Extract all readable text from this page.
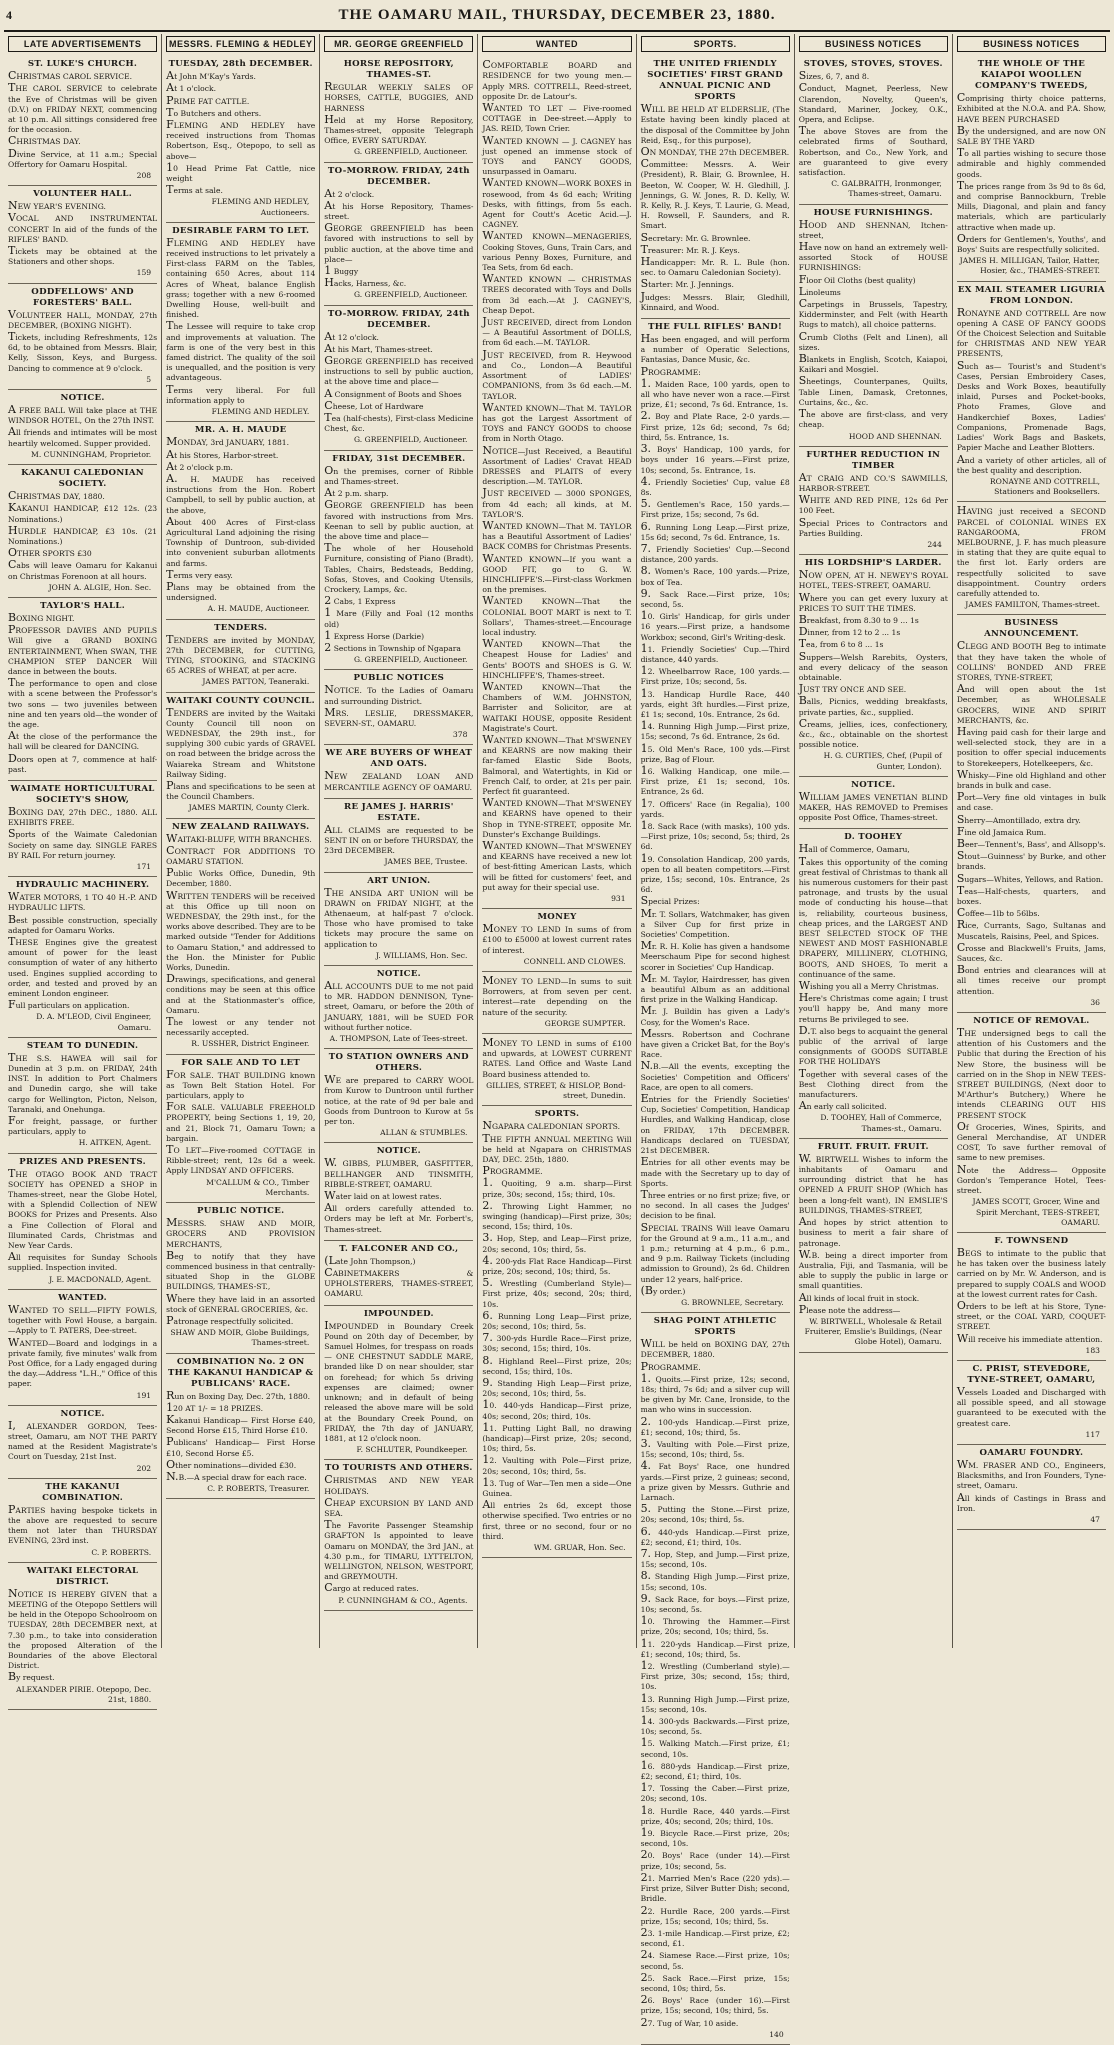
4	THE OAMARU MAIL, THURSDAY, DECEMBER 23, 1880.
LATE ADVERTISEMENTS
ST. LUKE'S CHURCH.

CHRISTMAS CAROL SERVICE.

THE CAROL SERVICE to celebrate the Eve of Christmas will be given (D.V.) on FRIDAY NEXT, commencing at 10 p.m. All sittings considered free for the occasion.

CHRISTMAS DAY.

Divine Service, at 11 a.m.; Special Offertory for Oamaru Hospital.

208
VOLUNTEER HALL.

NEW YEAR'S EVENING.

VOCAL AND INSTRUMENTAL CONCERT In aid of the funds of the RIFLES' BAND.

Tickets may be obtained at the Stationers and other shops.

159
ODDFELLOWS' AND FORESTERS' BALL.

VOLUNTEER HALL, MONDAY, 27th DECEMBER, (BOXING NIGHT).

Tickets, including Refreshments, 12s 6d, to be obtained from Messrs. Blair, Kelly, Sisson, Keys, and Burgess. Dancing to commence at 9 o'clock.

5
NOTICE.

A FREE BALL Will take place at THE WINDSOR HOTEL, On the 27th INST.

All friends and intimates will be most heartily welcomed. Supper provided.

M. CUNNINGHAM, Proprietor.
KAKANUI CALEDONIAN SOCIETY.

CHRISTMAS DAY, 1880.

KAKANUI HANDICAP, £12 12s. (23 Nominations.)

HURDLE HANDICAP, £3 10s. (21 Nominations.)

OTHER SPORTS £30

Cabs will leave Oamaru for Kakanui on Christmas Forenoon at all hours.

JOHN A. ALGIE, Hon. Sec.
TAYLOR'S HALL.

BOXING NIGHT.

PROFESSOR DAVIES AND PUPILS Will give a GRAND BOXING ENTERTAINMENT, When SWAN, THE CHAMPION STEP DANCER Will dance in between the bouts.

The performance to open and close with a scene between the Professor's two sons — two juveniles between nine and ten years old—the wonder of the age.

At the close of the performance the hall will be cleared for DANCING.

Doors open at 7, commence at half-past.

WAIMATE HORTICULTURAL SOCIETY'S SHOW,

BOXING DAY, 27th DEC., 1880. ALL EXHIBITS FREE.

Sports of the Waimate Caledonian Society on same day. SINGLE FARES BY RAIL For return journey.

171
HYDRAULIC MACHINERY.

WATER MOTORS, 1 TO 40 H.-P. AND HYDRAULIC LIFTS.

Best possible construction, specially adapted for Oamaru Works.

THESE Engines give the greatest amount of power for the least consumption of water of any hitherto used. Engines supplied according to order, and tested and proved by an eminent London engineer.

Full particulars on application.

D. A. M'LEOD, Civil Engineer, Oamaru.
STEAM TO DUNEDIN.

THE S.S. HAWEA will sail for Dunedin at 3 p.m. on FRIDAY, 24th INST. In addition to Port Chalmers and Dunedin cargo, she will take cargo for Wellington, Picton, Nelson, Taranaki, and Onehunga.

For freight, passage, or further particulars, apply to

H. AITKEN, Agent.
PRIZES AND PRESENTS.

THE OTAGO BOOK AND TRACT SOCIETY has OPENED a SHOP in Thames-street, near the Globe Hotel, with a Splendid Collection of NEW BOOKS for Prizes and Presents. Also a Fine Collection of Floral and Illuminated Cards, Christmas and New Year Cards.

All requisites for Sunday Schools supplied. Inspection invited.

J. E. MACDONALD, Agent.
WANTED.

WANTED TO SELL—FIFTY FOWLS, together with Fowl House, a bargain.—Apply to T. PATERS, Dee-street.

WANTED—Board and lodgings in a private family, five minutes' walk from Post Office, for a Lady engaged during the day.—Address "L.H.," Office of this paper.

191
NOTICE.

I, ALEXANDER GORDON, Tees-street, Oamaru, am NOT THE PARTY named at the Resident Magistrate's Court on Tuesday, 21st Inst.

202
THE KAKANUI COMBINATION.

PARTIES having bespoke tickets in the above are requested to secure them not later than THURSDAY EVENING, 23rd inst.

C. P. ROBERTS.
WAITAKI ELECTORAL DISTRICT.

NOTICE IS HEREBY GIVEN that a MEETING of the Otepopo Settlers will be held in the Otepopo Schoolroom on TUESDAY, 28th DECEMBER next, at 7.30 p.m., to take into consideration the proposed Alteration of the Boundaries of the above Electoral District.

By request.

ALEXANDER PIRIE. Otepopo, Dec. 21st, 1880.
MESSRS. FLEMING & HEDLEY
TUESDAY, 28th DECEMBER.

At John M'Kay's Yards.

At 1 o'clock.

PRIME FAT CATTLE.

To Butchers and others.

FLEMING AND HEDLEY have received instructions from Thomas Robertson, Esq., Otepopo, to sell as above—

10 Head Prime Fat Cattle, nice weight

Terms at sale.

FLEMING AND HEDLEY, Auctioneers.
DESIRABLE FARM TO LET.

FLEMING AND HEDLEY have received instructions to let privately a First-class FARM on the Tables, containing 650 Acres, about 114 Acres of Wheat, balance English grass; together with a new 6-roomed Dwelling House, well-built and finished.

The Lessee will require to take crop and improvements at valuation. The farm is one of the very best in this famed district. The quality of the soil is unequalled, and the position is very advantageous.

Terms very liberal. For full information apply to

FLEMING AND HEDLEY.
MR. A. H. MAUDE

MONDAY, 3rd JANUARY, 1881.

At his Stores, Harbor-street.

At 2 o'clock p.m.

A. H. MAUDE has received instructions from the Hon. Robert Campbell, to sell by public auction, at the above,

About 400 Acres of First-class Agricultural Land adjoining the rising Township of Duntroon, sub-divided into convenient suburban allotments and farms.

Terms very easy.

Plans may be obtained from the undersigned.

A. H. MAUDE, Auctioneer.
TENDERS.

TENDERS are invited by MONDAY, 27th DECEMBER, for CUTTING, TYING, STOOKING, and STACKING 65 ACRES of WHEAT, at per acre.

JAMES PATTON, Teaneraki.
WAITAKI COUNTY COUNCIL.

TENDERS are invited by the Waitaki County Council till noon on WEDNESDAY, the 29th inst., for supplying 300 cubic yards of GRAVEL on road between the bridge across the Waiareka Stream and Whitstone Railway Siding.

Plans and specifications to be seen at the Council Chambers.

JAMES MARTIN, County Clerk.
NEW ZEALAND RAILWAYS.

WAITAKI-BLUFF, WITH BRANCHES.

CONTRACT FOR ADDITIONS TO OAMARU STATION.

Public Works Office, Dunedin, 9th December, 1880.

WRITTEN TENDERS will be received at this Office up till noon on WEDNESDAY, the 29th inst., for the works above described. They are to be marked outside "Tender for Additions to Oamaru Station," and addressed to the Hon. the Minister for Public Works, Dunedin.

Drawings, specifications, and general conditions may be seen at this office and at the Stationmaster's office, Oamaru.

The lowest or any tender not necessarily accepted.

R. USSHER, District Engineer.
FOR SALE AND TO LET

FOR SALE. THAT BUILDING known as Town Belt Station Hotel. For particulars, apply to

FOR SALE. VALUABLE FREEHOLD PROPERTY, being Sections 1, 19, 20, and 21, Block 71, Oamaru Town; a bargain.

TO LET—Five-roomed COTTAGE in Ribble-street; rent, 12s 6d a week. Apply LINDSAY AND OFFICERS.

M'CALLUM & CO., Timber Merchants.
PUBLIC NOTICE.

MESSRS. SHAW AND MOIR, GROCERS AND PROVISION MERCHANTS,

Beg to notify that they have commenced business in that centrally-situated Shop in the GLOBE BUILDINGS, THAMES-ST.,

Where they have laid in an assorted stock of GENERAL GROCERIES, &c.

Patronage respectfully solicited.

SHAW AND MOIR, Globe Buildings, Thames-street.
COMBINATION No. 2 ON THE KAKANUI HANDICAP & PUBLICANS' RACE.

Run on Boxing Day, Dec. 27th, 1880.

120 AT 1/- = 18 PRIZES.

Kakanui Handicap— First Horse £40, Second Horse £15, Third Horse £10.

Publicans' Handicap— First Horse £10, Second Horse £5.

Other nominations—divided £30.

N.B.—A special draw for each race.

C. P. ROBERTS, Treasurer.
MR. GEORGE GREENFIELD
HORSE REPOSITORY, THAMES-ST.

REGULAR WEEKLY SALES OF HORSES, CATTLE, BUGGIES, AND HARNESS

Held at my Horse Repository, Thames-street, opposite Telegraph Office, EVERY SATURDAY.

G. GREENFIELD, Auctioneer.
TO-MORROW. FRIDAY, 24th DECEMBER.

At 2 o'clock.

At his Horse Repository, Thames-street.

GEORGE GREENFIELD has been favored with instructions to sell by public auction, at the above time and place—

1 Buggy

Hacks, Harness, &c.

G. GREENFIELD, Auctioneer.
TO-MORROW. FRIDAY, 24th DECEMBER.

At 12 o'clock.

At his Mart, Thames-street.

GEORGE GREENFIELD has received instructions to sell by public auction, at the above time and place—

A Consignment of Boots and Shoes

Cheese, Lot of Hardware

Tea (half-chests), First-class Medicine Chest, &c.

G. GREENFIELD, Auctioneer.
FRIDAY, 31st DECEMBER.

On the premises, corner of Ribble and Thames-street.

At 2 p.m. sharp.

GEORGE GREENFIELD has been favored with instructions from Mrs. Keenan to sell by public auction, at the above time and place—

The whole of her Household Furniture, consisting of Piano (Bradt), Tables, Chairs, Bedsteads, Bedding, Sofas, Stoves, and Cooking Utensils, Crockery, Lamps, &c.

2 Cabs, 1 Express

1 Mare (Filly and Foal (12 months old)

1 Express Horse (Darkie)

2 Sections in Township of Ngapara

G. GREENFIELD, Auctioneer.
PUBLIC NOTICES

NOTICE. To the Ladies of Oamaru and surrounding District.

MRS. LESLIE, DRESSMAKER, SEVERN-ST., OAMARU.

378
WE ARE BUYERS OF WHEAT AND OATS.

NEW ZEALAND LOAN AND MERCANTILE AGENCY OF OAMARU.

RE JAMES J. HARRIS' ESTATE.

ALL CLAIMS are requested to be SENT IN on or before THURSDAY, the 23rd DECEMBER.

JAMES BEE, Trustee.
ART UNION.

THE ANSIDA ART UNION will be DRAWN on FRIDAY NIGHT, at the Athenaeum, at half-past 7 o'clock. Those who have promised to take tickets may procure the same on application to

J. WILLIAMS, Hon. Sec.
NOTICE.

ALL ACCOUNTS DUE to me not paid to MR. HADDON DENNISON, Tyne-street, Oamaru, or before the 20th of JANUARY, 1881, will be SUED FOR without further notice.

A. THOMPSON, Late of Tees-street.
TO STATION OWNERS AND OTHERS.

WE are prepared to CARRY WOOL from Kurow to Duntroon until further notice, at the rate of 9d per bale and Goods from Duntroon to Kurow at 5s per ton.

ALLAN & STUMBLES.
NOTICE.

W. GIBBS, PLUMBER, GASFITTER, BELLHANGER AND TINSMITH, RIBBLE-STREET, OAMARU.

Water laid on at lowest rates.

All orders carefully attended to. Orders may be left at Mr. Forbert's, Thames-street.

T. FALCONER AND CO.,

(Late John Thompson,)

CABINETMAKERS & UPHOLSTERERS, THAMES-STREET, OAMARU.

IMPOUNDED.

IMPOUNDED in Boundary Creek Pound on 20th day of December, by Samuel Holmes, for trespass on roads — ONE CHESTNUT SADDLE MARE, branded like D on near shoulder, star on forehead; for which 5s driving expenses are claimed; owner unknown; and in default of being released the above mare will be sold at the Boundary Creek Pound, on FRIDAY, the 7th day of JANUARY, 1881, at 12 o'clock noon.

F. SCHLUTER, Poundkeeper.
TO TOURISTS AND OTHERS.

CHRISTMAS AND NEW YEAR HOLIDAYS.

CHEAP EXCURSION BY LAND AND SEA.

The Favorite Passenger Steamship GRAFTON Is appointed to leave Oamaru on MONDAY, the 3rd JAN., at 4.30 p.m., for TIMARU, LYTTELTON, WELLINGTON, NELSON, WESTPORT, and GREYMOUTH.

Cargo at reduced rates.

P. CUNNINGHAM & CO., Agents.
WANTED

COMFORTABLE BOARD and RESIDENCE for two young men.—Apply MRS. COTTRELL, Reed-street, opposite Dr. de Latour's.

WANTED TO LET — Five-roomed COTTAGE in Dee-street.—Apply to JAS. REID, Town Crier.

WANTED KNOWN — J. CAGNEY has just opened an immense stock of TOYS and FANCY GOODS, unsurpassed in Oamaru.

WANTED KNOWN—WORK BOXES in rosewood, from 4s 6d each; Writing Desks, with fittings, from 5s each. Agent for Coutt's Acetic Acid.—J. CAGNEY.

WANTED KNOWN—MENAGERIES, Cooking Stoves, Guns, Train Cars, and various Penny Boxes, Furniture, and Tea Sets, from 6d each.

WANTED KNOWN — CHRISTMAS TREES decorated with Toys and Dolls from 3d each.—At J. CAGNEY'S, Cheap Depot.

JUST RECEIVED, direct from London — A Beautiful Assortment of DOLLS, from 6d each.—M. TAYLOR.

JUST RECEIVED, from R. Heywood and Co., London—A Beautiful Assortment of LADIES' COMPANIONS, from 3s 6d each.—M. TAYLOR.

WANTED KNOWN—That M. TAYLOR has got the Largest Assortment of TOYS and FANCY GOODS to choose from in North Otago.

NOTICE—Just Received, a Beautiful Assortment of Ladies' Cravat HEAD DRESSES and PLAITS of every description.—M. TAYLOR.

JUST RECEIVED — 3000 SPONGES, from 4d each; all kinds, at M. TAYLOR'S.

WANTED KNOWN—That M. TAYLOR has a Beautiful Assortment of Ladies' BACK COMBS for Christmas Presents.

WANTED KNOWN—If you want a GOOD FIT, go to G. W. HINCHLIFFE'S.—First-class Workmen on the premises.

WANTED KNOWN—That the COLONIAL BOOT MART is next to T. Sollars', Thames-street.—Encourage local industry.

WANTED KNOWN—That the Cheapest House for Ladies' and Gents' BOOTS and SHOES is G. W. HINCHLIFFE'S, Thames-street.

WANTED KNOWN—That the Chambers of W.M. JOHNSTON, Barrister and Solicitor, are at WAITAKI HOUSE, opposite Resident Magistrate's Court.

WANTED KNOWN—That M'SWENEY and KEARNS are now making their far-famed Elastic Side Boots, Balmoral, and Watertights, in Kid or French Calf, to order, at 21s per pair. Perfect fit guaranteed.

WANTED KNOWN—That M'SWENEY and KEARNS have opened to their Shop in TYNE-STREET, opposite Mr. Dunster's Exchange Buildings.

WANTED KNOWN—That M'SWENEY and KEARNS have received a new lot of best-fitting American Lasts, which will be fitted for customers' feet, and put away for their special use.

931
MONEY

MONEY TO LEND In sums of from £100 to £5000 at lowest current rates of interest.

CONNELL AND CLOWES.

MONEY TO LEND—In sums to suit Borrowers, at from seven per cent. interest—rate depending on the nature of the security.

GEORGE SUMPTER.

MONEY TO LEND in sums of £100 and upwards, at LOWEST CURRENT RATES. Land Office and Waste Land Board business attended to.

GILLIES, STREET, & HISLOP, Bond-street, Dunedin.
SPORTS.

NGAPARA CALEDONIAN SPORTS.

THE FIFTH ANNUAL MEETING Will be held at Ngapara on CHRISTMAS DAY, DEC. 25th, 1880.

PROGRAMME.

1. Quoiting, 9 a.m. sharp—First prize, 30s; second, 15s; third, 10s.

2. Throwing Light Hammer, no swinging (handicap)—First prize, 30s; second, 15s; third, 10s.

3. Hop, Step, and Leap—First prize, 20s; second, 10s; third, 5s.

4. 200-yds Flat Race Handicap—First prize, 20s; second, 10s; third, 5s.

5. Wrestling (Cumberland Style)—First prize, 40s; second, 20s; third, 10s.

6. Running Long Leap—First prize, 20s; second, 10s; third, 5s.

7. 300-yds Hurdle Race—First prize, 30s; second, 15s; third, 10s.

8. Highland Reel—First prize, 20s; second, 15s; third, 10s.

9. Standing High Leap—First prize, 20s; second, 10s; third, 5s.

10. 440-yds Handicap—First prize, 40s; second, 20s; third, 10s.

11. Putting Light Ball, no drawing (handicap)—First prize, 20s; second, 10s; third, 5s.

12. Vaulting with Pole—First prize, 20s; second, 10s; third, 5s.

13. Tug of War—Ten men a side—One Guinea.

All entries 2s 6d, except those otherwise specified. Two entries or no first, three or no second, four or no third.

WM. GRUAR, Hon. Sec.
SPORTS.
THE UNITED FRIENDLY SOCIETIES' FIRST GRAND ANNUAL PICNIC AND SPORTS

WILL BE HELD AT ELDERSLIE, (The Estate having been kindly placed at the disposal of the Committee by John Reid, Esq., for this purpose),

ON MONDAY, THE 27th DECEMBER.

Committee: Messrs. A. Weir (President), R. Blair, G. Brownlee, H. Beeton, W. Cooper, W. H. Gledhill, J. Jennings, G. W. Jones, R. D. Kelly, W. R. Kelly, R. J. Keys, T. Laurie, G. Mead, H. Rowsell, F. Saunders, and R. Smart.

Secretary: Mr. G. Brownlee.

Treasurer: Mr. R. J. Keys.

Handicapper: Mr. R. L. Bule (hon. sec. to Oamaru Caledonian Society).

Starter: Mr. J. Jennings.

Judges: Messrs. Blair, Gledhill, Kinnaird, and Wood.

THE FULL RIFLES' BAND!

Has been engaged, and will perform a number of Operatic Selections, Fantasias, Dance Music, &c.

PROGRAMME:

1. Maiden Race, 100 yards, open to all who have never won a race.—First prize, £1; second, 7s 6d. Entrance, 1s.

2. Boy and Plate Race, 2-0 yards.—First prize, 12s 6d; second, 7s 6d; third, 5s. Entrance, 1s.

3. Boys' Handicap, 100 yards, for boys under 16 years.—First prize, 10s; second, 5s. Entrance, 1s.

4. Friendly Societies' Cup, value £8 8s.

5. Gentlemen's Race, 150 yards.—First prize, 15s; second, 7s 6d.

6. Running Long Leap.—First prize, 15s 6d; second, 7s 6d. Entrance, 1s.

7. Friendly Societies' Cup.—Second distance, 200 yards.

8. Women's Race, 100 yards.—Prize, box of Tea.

9. Sack Race.—First prize, 10s; second, 5s.

10. Girls' Handicap, for girls under 16 years.—First prize, a handsome Workbox; second, Girl's Writing-desk.

11. Friendly Societies' Cup.—Third distance, 440 yards.

12. Wheelbarrow Race, 100 yards.—First prize, 10s; second, 5s.

13. Handicap Hurdle Race, 440 yards, eight 3ft hurdles.—First prize, £1 1s; second, 10s. Entrance, 2s 6d.

14. Running High Jump.—First prize, 15s; second, 7s 6d. Entrance, 2s 6d.

15. Old Men's Race, 100 yds.—First prize, Bag of Flour.

16. Walking Handicap, one mile.—First prize, £1 1s; second, 10s. Entrance, 2s 6d.

17. Officers' Race (in Regalia), 100 yards.

18. Sack Race (with masks), 100 yds.—First prize, 10s; second, 5s; third, 2s 6d.

19. Consolation Handicap, 200 yards, open to all beaten competitors.—First prize, 15s; second, 10s. Entrance, 2s 6d.

Special Prizes:

Mr. T. Sollars, Watchmaker, has given a Silver Cup for first prize in Societies' Competition.

Mr. R. H. Kolie has given a handsome Meerschaum Pipe for second highest scorer in Societies' Cup Handicap.

Mr. M. Taylor, Hairdresser, has given a beautiful Album as an additional first prize in the Walking Handicap.

Mr. J. Buildin has given a Lady's Cosy, for the Women's Race.

Messrs. Robertson and Cochrane have given a Cricket Bat, for the Boy's Race.

N.B.—All the events, excepting the Societies' Competition and Officers' Race, are open to all comers.

Entries for the Friendly Societies' Cup, Societies' Competition, Handicap Hurdles, and Walking Handicap, close on FRIDAY, 17th DECEMBER. Handicaps declared on TUESDAY, 21st DECEMBER.

Entries for all other events may be made with the Secretary up to day of Sports.

Three entries or no first prize; five, or no second. In all cases the Judges' decision to be final.

SPECIAL TRAINS Will leave Oamaru for the Ground at 9 a.m., 11 a.m., and 1 p.m.; returning at 4 p.m., 6 p.m., and 9 p.m. Railway Tickets (including admission to Ground), 2s 6d. Children under 12 years, half-price.

(By order.)

G. BROWNLEE, Secretary.
SHAG POINT ATHLETIC SPORTS

WILL be held on BOXING DAY, 27th DECEMBER, 1880.

PROGRAMME.

1. Quoits.—First prize, 12s; second, 18s; third, 7s 6d; and a silver cup will be given by Mr. Cane, Ironside, to the man who wins in succession.

2. 100-yds Handicap.—First prize, £1; second, 10s; third, 5s.

3. Vaulting with Pole.—First prize, 15s; second, 10s; third, 5s.

4. Fat Boys' Race, one hundred yards.—First prize, 2 guineas; second, a prize given by Messrs. Guthrie and Larnach.

5. Putting the Stone.—First prize, 20s; second, 10s; third, 5s.

6. 440-yds Handicap.—First prize, £2; second, £1; third, 10s.

7. Hop, Step, and Jump.—First prize, 15s; second, 10s.

8. Standing High Jump.—First prize, 15s; second, 10s.

9. Sack Race, for boys.—First prize, 10s; second, 5s.

10. Throwing the Hammer.—First prize, 20s; second, 10s; third, 5s.

11. 220-yds Handicap.—First prize, £1; second, 10s; third, 5s.

12. Wrestling (Cumberland style).—First prize, 30s; second, 15s; third, 10s.

13. Running High Jump.—First prize, 15s; second, 10s.

14. 300-yds Backwards.—First prize, 10s; second, 5s.

15. Walking Match.—First prize, £1; second, 10s.

16. 880-yds Handicap.—First prize, £2; second, £1; third, 10s.

17. Tossing the Caber.—First prize, 20s; second, 10s.

18. Hurdle Race, 440 yards.—First prize, 40s; second, 20s; third, 10s.

19. Bicycle Race.—First prize, 20s; second, 10s.

20. Boys' Race (under 14).—First prize, 10s; second, 5s.

21. Married Men's Race (220 yds).—First prize, Silver Butter Dish; second, Bridle.

22. Hurdle Race, 200 yards.—First prize, 15s; second, 10s; third, 5s.

23. 1-mile Handicap.—First prize, £2; second, £1.

24. Siamese Race.—First prize, 10s; second, 5s.

25. Sack Race.—First prize, 15s; second, 10s; third, 5s.

26. Boys' Race (under 16).—First prize, 15s; second, 10s; third, 5s.

27. Tug of War, 10 aside.

140
BUSINESS NOTICES
STOVES, STOVES, STOVES.

Sizes, 6, 7, and 8.

Conduct, Magnet, Peerless, New Clarendon, Novelty, Queen's, Standard, Mariner, Jockey, O.K., Opera, and Eclipse.

The above Stoves are from the celebrated firms of Southard, Robertson, and Co., New York, and are guaranteed to give every satisfaction.

C. GALBRAITH, Ironmonger, Thames-street, Oamaru.
HOUSE FURNISHINGS.

HOOD AND SHENNAN, Itchen-street,

Have now on hand an extremely well-assorted Stock of HOUSE FURNISHINGS:

Floor Oil Cloths (best quality)

Linoleums

Carpetings in Brussels, Tapestry, Kidderminster, and Felt (with Hearth Rugs to match), all choice patterns.

Crumb Cloths (Felt and Linen), all sizes.

Blankets in English, Scotch, Kaiapoi, Kaikari and Mosgiel.

Sheetings, Counterpanes, Quilts, Table Linen, Damask, Cretonnes, Curtains, &c., &c.

The above are first-class, and very cheap.

HOOD AND SHENNAN.
FURTHER REDUCTION IN TIMBER

AT CRAIG AND CO.'S SAWMILLS, HARBOR-STREET.

WHITE AND RED PINE, 12s 6d Per 100 Feet.

Special Prices to Contractors and Parties Building.

244
HIS LORDSHIP'S LARDER.

NOW OPEN, AT H. NEWEY'S ROYAL HOTEL, TEES-STREET, OAMARU.

Where you can get every luxury at PRICES TO SUIT THE TIMES.

Breakfast, from 8.30 to 9 ... 1s

Dinner, from 12 to 2 ... 1s

Tea, from 6 to 8 ... 1s

Suppers—Welsh Rarebits, Oysters, and every delicacy of the season obtainable.

JUST TRY ONCE AND SEE.

Balls, Picnics, wedding breakfasts, private parties, &c., supplied.

Creams, jellies, ices, confectionery, &c., &c., obtainable on the shortest possible notice.

H. G. CURTIES, Chef, (Pupil of Gunter, London).
NOTICE.

WILLIAM JAMES VENETIAN BLIND MAKER, HAS REMOVED to Premises opposite Post Office, Thames-street.

D. TOOHEY

Hall of Commerce, Oamaru,

Takes this opportunity of the coming great festival of Christmas to thank all his numerous customers for their past patronage, and trusts by the usual mode of conducting his house—that is, reliability, courteous business, cheap prices, and the LARGEST AND BEST SELECTED STOCK OF THE NEWEST AND MOST FASHIONABLE DRAPERY, MILLINERY, CLOTHING, BOOTS, AND SHOES, To merit a continuance of the same.

Wishing you all a Merry Christmas.

Here's Christmas come again; I trust you'll happy be, And many more returns Be privileged to see.

D.T. also begs to acquaint the general public of the arrival of large consignments of GOODS SUITABLE FOR THE HOLIDAYS

Together with several cases of the Best Clothing direct from the manufacturers.

An early call solicited.

D. TOOHEY, Hall of Commerce, Thames-st., Oamaru.
FRUIT. FRUIT. FRUIT.

W. BIRTWELL Wishes to inform the inhabitants of Oamaru and surrounding district that he has OPENED A FRUIT SHOP (Which has been a long-felt want), IN EMSLIE'S BUILDINGS, THAMES-STREET,

And hopes by strict attention to business to merit a fair share of patronage.

W.B. being a direct importer from Australia, Fiji, and Tasmania, will be able to supply the public in large or small quantities.

All kinds of local fruit in stock.

Please note the address—

W. BIRTWELL, Wholesale & Retail Fruiterer, Emslie's Buildings, (Near Globe Hotel), Oamaru.
BUSINESS NOTICES
THE WHOLE OF THE KAIAPOI WOOLLEN COMPANY'S TWEEDS,

Comprising thirty choice patterns, Exhibited at the N.O.A. and P.A. Show, HAVE BEEN PURCHASED

By the undersigned, and are now ON SALE BY THE YARD

To all parties wishing to secure those admirable and highly commended goods.

The prices range from 3s 9d to 8s 6d, and comprise Bannockburn, Treble Mills, Diagonal, and plain and fancy materials, which are particularly attractive when made up.

Orders for Gentlemen's, Youths', and Boys' Suits are respectfully solicited.

JAMES H. MILLIGAN, Tailor, Hatter, Hosier, &c., THAMES-STREET.
EX MAIL STEAMER LIGURIA FROM LONDON.

RONAYNE AND COTTRELL Are now opening A CASE OF FANCY GOODS Of the Choicest Selection and Suitable for CHRISTMAS AND NEW YEAR PRESENTS,

Such as— Tourist's and Student's Cases, Persian Embroidery Cases, Desks and Work Boxes, beautifully inlaid, Purses and Pocket-books, Photo Frames, Glove and Handkerchief Boxes, Ladies' Companions, Promenade Bags, Ladies' Work Bags and Baskets, Papier Mache and Leather Blotters.

And a variety of other articles, all of the best quality and description.

RONAYNE AND COTTRELL, Stationers and Booksellers.

HAVING just received a SECOND PARCEL of COLONIAL WINES EX RANGAROOMA, FROM MELBOURNE, J. F. has much pleasure in stating that they are quite equal to the first lot. Early orders are respectfully solicited to save disappointment. Country orders carefully attended to.

JAMES FAMILTON, Thames-street.
BUSINESS ANNOUNCEMENT.

CLEGG AND BOOTH Beg to intimate that they have taken the whole of COLLINS' BONDED AND FREE STORES, TYNE-STREET,

And will open about the 1st December, as WHOLESALE GROCERS, WINE AND SPIRIT MERCHANTS, &c.

Having paid cash for their large and well-selected stock, they are in a position to offer special inducements to Storekeepers, Hotelkeepers, &c.

Whisky—Fine old Highland and other brands in bulk and case.

Port—Very fine old vintages in bulk and case.

Sherry—Amontillado, extra dry.

Fine old Jamaica Rum.

Beer—Tennent's, Bass', and Allsopp's.

Stout—Guinness' by Burke, and other brands.

Sugars—Whites, Yellows, and Ration.

Teas—Half-chests, quarters, and boxes.

Coffee—1lb to 56lbs.

Rice, Currants, Sago, Sultanas and Muscatels, Raisins, Peel, and Spices.

Crosse and Blackwell's Fruits, Jams, Sauces, &c.

Bond entries and clearances will at all times receive our prompt attention.

36
NOTICE OF REMOVAL.

THE undersigned begs to call the attention of his Customers and the Public that during the Erection of his New Store, the business will be carried on in the Shop in NEW TEES-STREET BUILDINGS, (Next door to M'Arthur's Butchery,) Where he intends CLEARING OUT HIS PRESENT STOCK

Of Groceries, Wines, Spirits, and General Merchandise, AT UNDER COST, To save further removal of same to new premises.

Note the Address— Opposite Gordon's Temperance Hotel, Tees-street.

JAMES SCOTT, Grocer, Wine and Spirit Merchant, TEES-STREET, OAMARU.
F. TOWNSEND

BEGS to intimate to the public that he has taken over the business lately carried on by Mr. W. Anderson, and is prepared to supply COALS and WOOD at the lowest current rates for Cash.

Orders to be left at his Store, Tyne-street, or the COAL YARD, COQUET-STREET.

Will receive his immediate attention.

183
C. PRIST, STEVEDORE, TYNE-STREET, OAMARU,

Vessels Loaded and Discharged with all possible speed, and all stowage guaranteed to be executed with the greatest care.

117
OAMARU FOUNDRY.

WM. FRASER AND CO., Engineers, Blacksmiths, and Iron Founders, Tyne-street, Oamaru.

All kinds of Castings in Brass and Iron.

47
